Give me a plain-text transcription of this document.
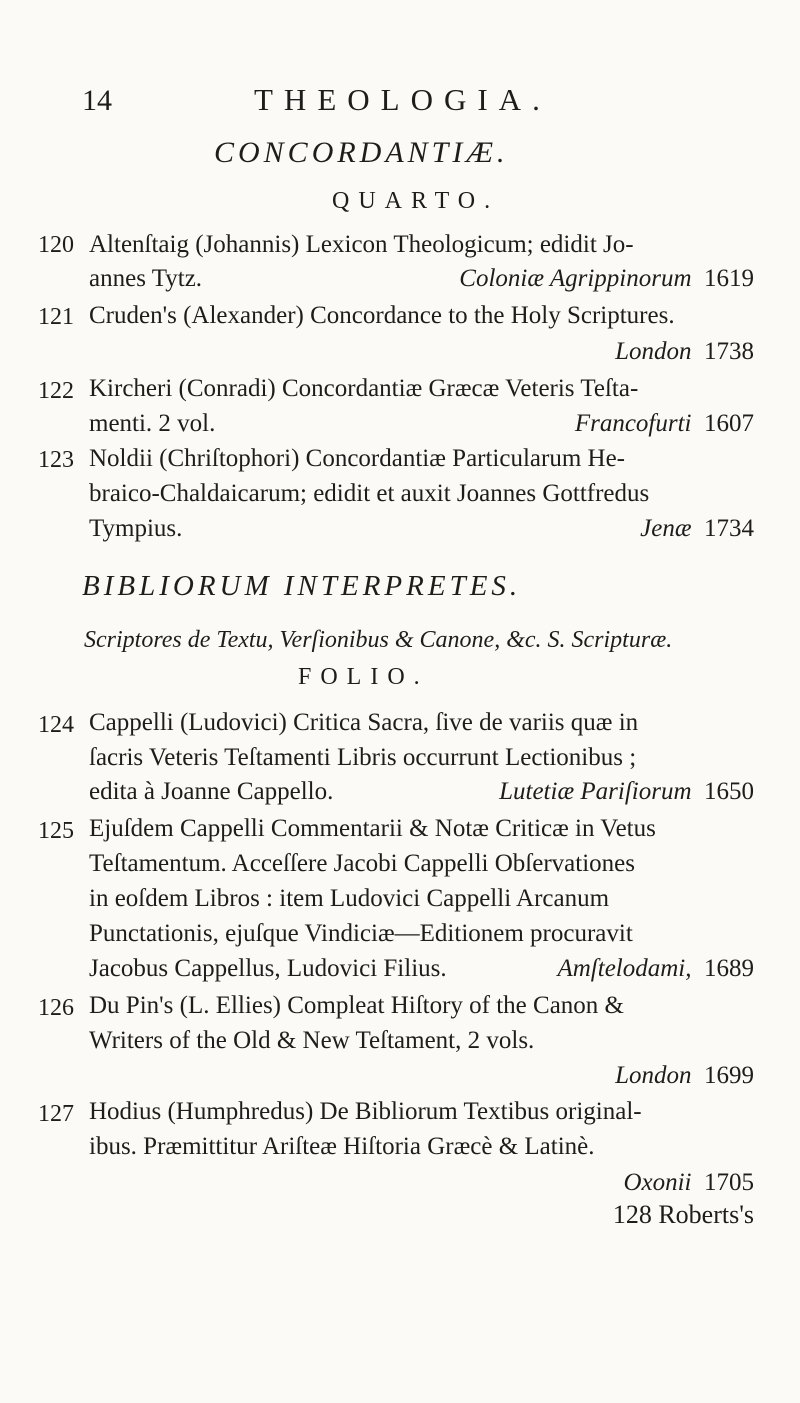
14	THEOLOGIA.
CONCORDANTIÆ.
QUARTO.
120 Altenſtaig (Johannis) Lexicon Theologicum; edidit Jo-
annes Tytz.	Coloniæ Agrippinorum 1619
121 Cruden's (Alexander) Concordance to the Holy Scriptures.
London 1738
122 Kircheri (Conradi) Concordantiæ Græcæ Veteris Teſta-
menti. 2 vol.	Francofurti 1607
123 Noldii (Chriſtophori) Concordantiæ Particularum He-
braico-Chaldaicarum; edidit et auxit Joannes Gottfredus
Tympius.	Jenæ 1734
BIBLIORUM INTERPRETES.
Scriptores de Textu, Verſionibus & Canone, &c. S. Scripturæ.
FOLIO.
124 Cappelli (Ludovici) Critica Sacra, ſive de variis quæ in
ſacris Veteris Teſtamenti Libris occurrunt Lectionibus ;
edita à Joanne Cappello.	Lutetiæ Pariſiorum 1650
125 Ejuſdem Cappelli Commentarii & Notæ Criticæ in Vetus
Teſtamentum. Acceſſere Jacobi Cappelli Obſervationes
in eoſdem Libros : item Ludovici Cappelli Arcanum
Punctationis, ejuſque Vindiciæ—Editionem procuravit
Jacobus Cappellus, Ludovici Filius.	Amſtelodami, 1689
126 Du Pin's (L. Ellies) Compleat Hiſtory of the Canon &
Writers of the Old & New Teſtament, 2 vols.
London 1699
127 Hodius (Humphredus) De Bibliorum Textibus original-
ibus. Præmittitur Ariſteæ Hiſtoria Græcè & Latinè.
Oxonii 1705
128 Roberts's
